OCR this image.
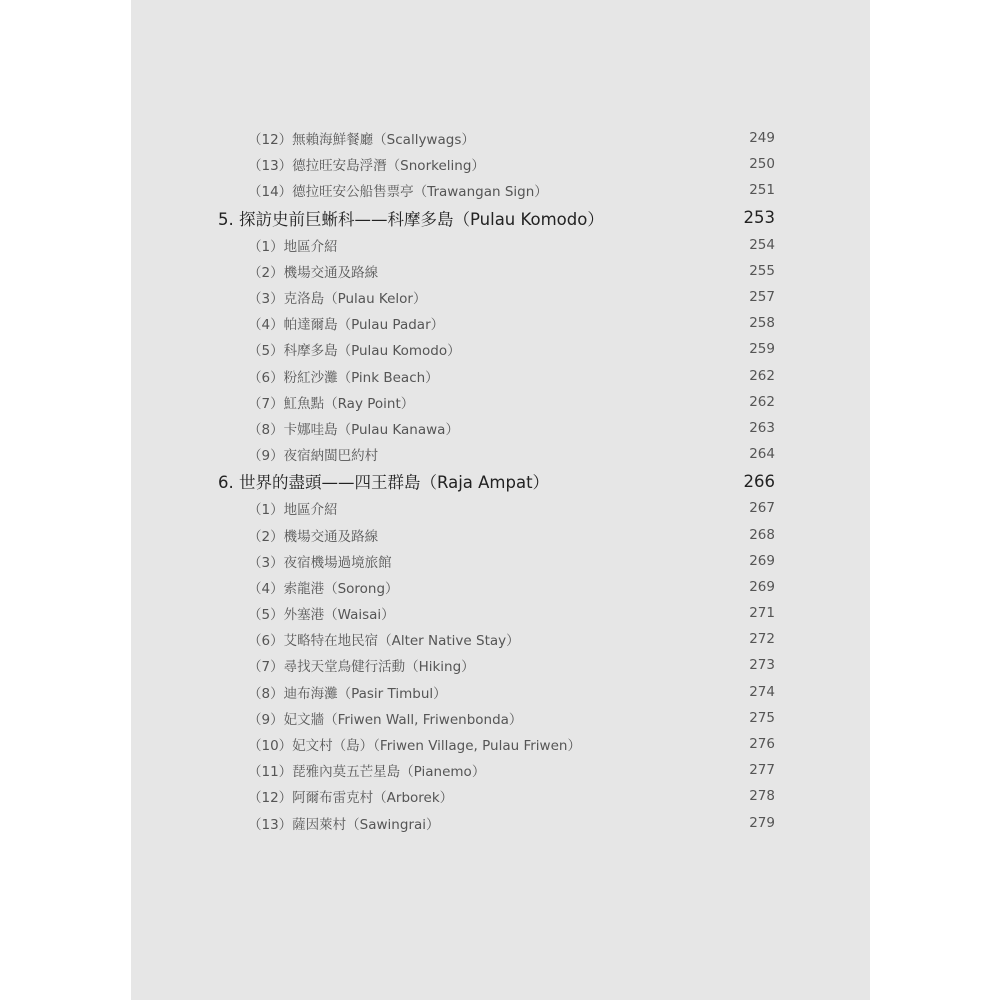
（12）無賴海鮮餐廳（Scallywags）	249
（13）德拉旺安島浮潛（Snorkeling）	250
（14）德拉旺安公船售票亭（Trawangan Sign）	251
5. 探訪史前巨蜥科——科摩多島（Pulau Komodo）	253
（1）地區介紹	254
（2）機場交通及路線	255
（3）克洛島（Pulau Kelor）	257
（4）帕達爾島（Pulau Padar）	258
（5）科摩多島（Pulau Komodo）	259
（6）粉紅沙灘（Pink Beach）	262
（7）魟魚點（Ray Point）	262
（8）卡娜哇島（Pulau Kanawa）	263
（9）夜宿納閩巴約村	264
6. 世界的盡頭——四王群島（Raja Ampat）	266
（1）地區介紹	267
（2）機場交通及路線	268
（3）夜宿機場過境旅館	269
（4）索龍港（Sorong）	269
（5）外塞港（Waisai）	271
（6）艾略特在地民宿（Alter Native Stay）	272
（7）尋找天堂鳥健行活動（Hiking）	273
（8）迪布海灘（Pasir Timbul）	274
（9）妃文牆（Friwen Wall, Friwenbonda）	275
（10）妃文村（島）（Friwen Village, Pulau Friwen）	276
（11）琵雅內莫五芒星島（Pianemo）	277
（12）阿爾布雷克村（Arborek）	278
（13）薩因萊村（Sawingrai）	279
